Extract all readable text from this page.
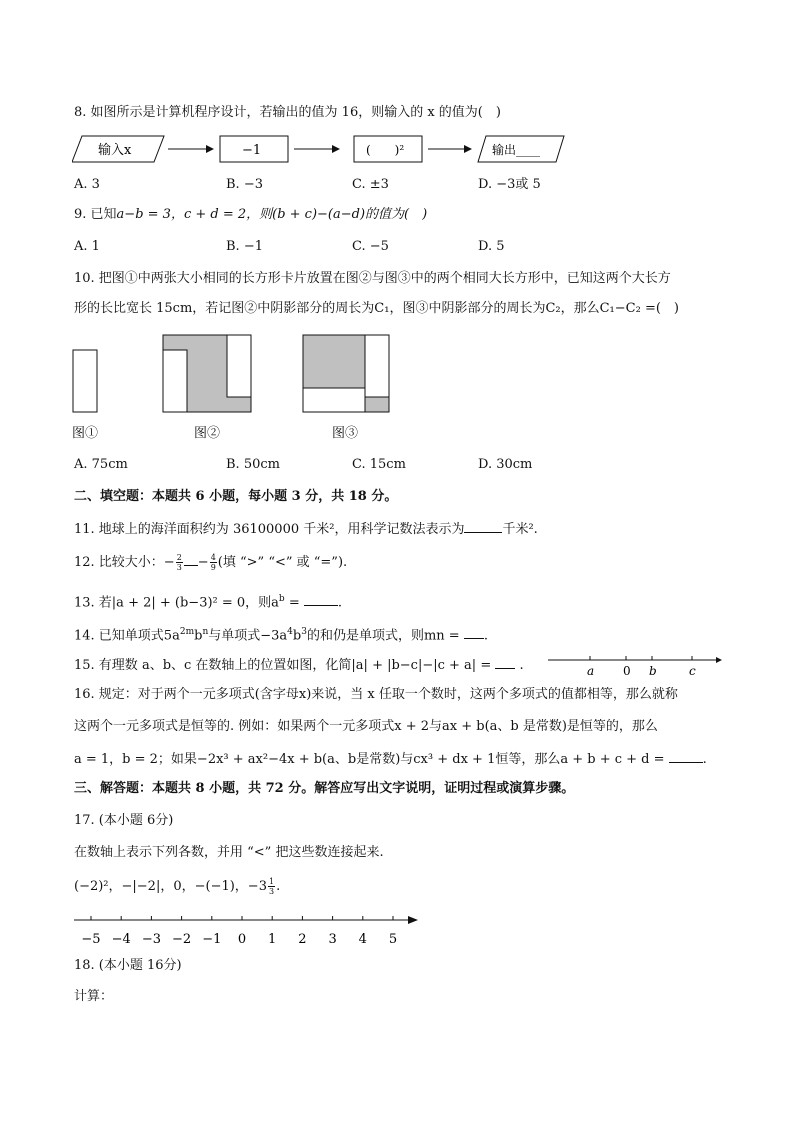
8. 如图所示是计算机程序设计，若输出的值为 16，则输入的 x 的值为(　)
输入x	−1	(　　)²	输出____
A. 3	B. −3	C. ±3	D. −3或 5
9. 已知a−b = 3，c + d = 2，则(b + c)−(a−d)的值为(　)
A. 1	B. −1	C. −5	D. 5
10. 把图①中两张大小相同的长方形卡片放置在图②与图③中的两个相同大长方形中，已知这两个大长方
形的长比宽长 15cm，若记图②中阴影部分的周长为C₁，图③中阴影部分的周长为C₂，那么C₁−C₂ =(　)
图①	图②	图③
A. 75cm	B. 50cm	C. 15cm	D. 30cm
二、填空题：本题共 6 小题，每小题 3 分，共 18 分。
11. 地球上的海洋面积约为 36100000 千米²，用科学记数法表示为	千米².
12. 比较大小：− $\frac{2}{3} - \frac{4}{9}$ (填 “>” “<” 或 “=”).
13. 若|a + 2| + (b−3)² = 0，则$a^b$ =	.
14. 已知单项式$5a^{2m}b^n$与单项式$-3a^4b^3$的和仍是单项式，则mn = .
15. 有理数 a、b、c 在数轴上的位置如图，化简|a| + |b−c|−|c + a| =  .	a 0 b	c
16. 规定：对于两个一元多项式(含字母x)来说，当 x 任取一个数时，这两个多项式的值都相等，那么就称
这两个一元多项式是恒等的. 例如：如果两个一元多项式x + 2与ax + b(a、b 是常数)是恒等的，那么
a = 1，b = 2；如果−2x³ + ax²−4x + b(a、b是常数)与cx³ + dx + 1恒等，那么a + b + c + d =	.
三、解答题：本题共 8 小题，共 72 分。解答应写出文字说明，证明过程或演算步骤。
17. (本小题 6分)
在数轴上表示下列各数，并用 “<” 把这些数连接起来.
(−2)²，−|−2|，0，−(−1)，$-3 \frac{1}{3}$ .
−5 −4 −3 −2 −1 0 1 2 3 4 5
18. (本小题 16分)
计算：
